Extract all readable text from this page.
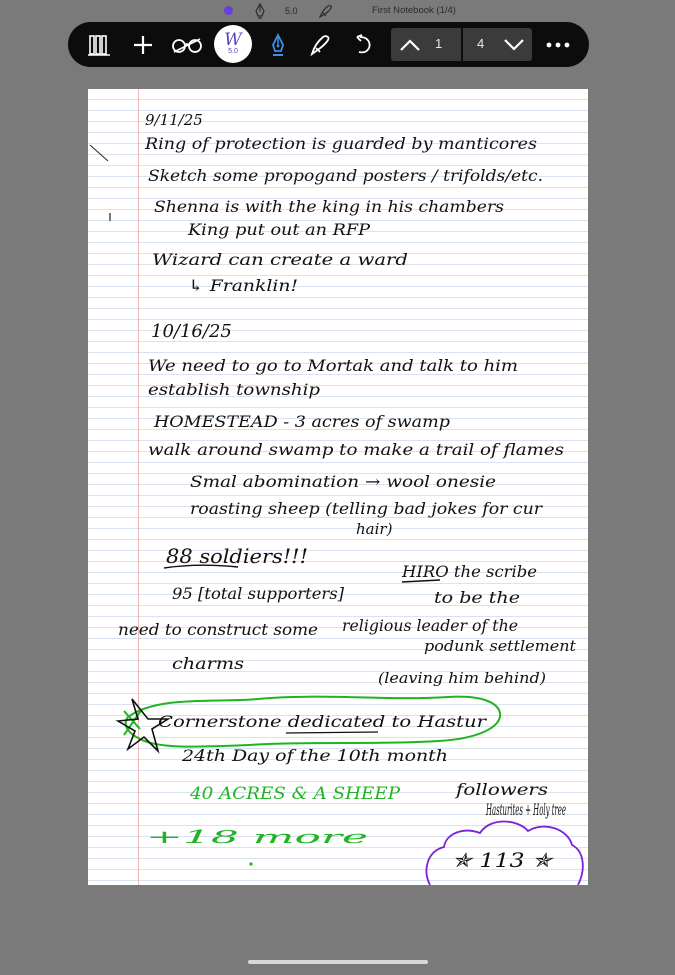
5.0	First Notebook (1/4)
W
5.0	1	4
9/11/25
Ring of protection is guarded by manticores
Sketch some propogand posters / trifolds/etc.
Shenna is with the king in his chambers
King put out an RFP
Wizard can create a ward
↳ Franklin!
10/16/25
We need to go to Mortak and talk to him
establish township
HOMESTEAD - 3 acres of swamp
walk around swamp to make a trail of flames
Smal abomination → wool onesie
roasting sheep (telling bad jokes for cur
hair)
88 soldiers!!!
95 [total supporters]
HIRO the scribe
to be the
need to construct some religious leader of the
charms
podunk settlement
(leaving him behind)
Cornerstone dedicated to Hastur
24th Day of the 10th month
40 ACRES & A SHEEP
+18 more
followers
Hasturites + Holy tree
✯ 113 ✯
